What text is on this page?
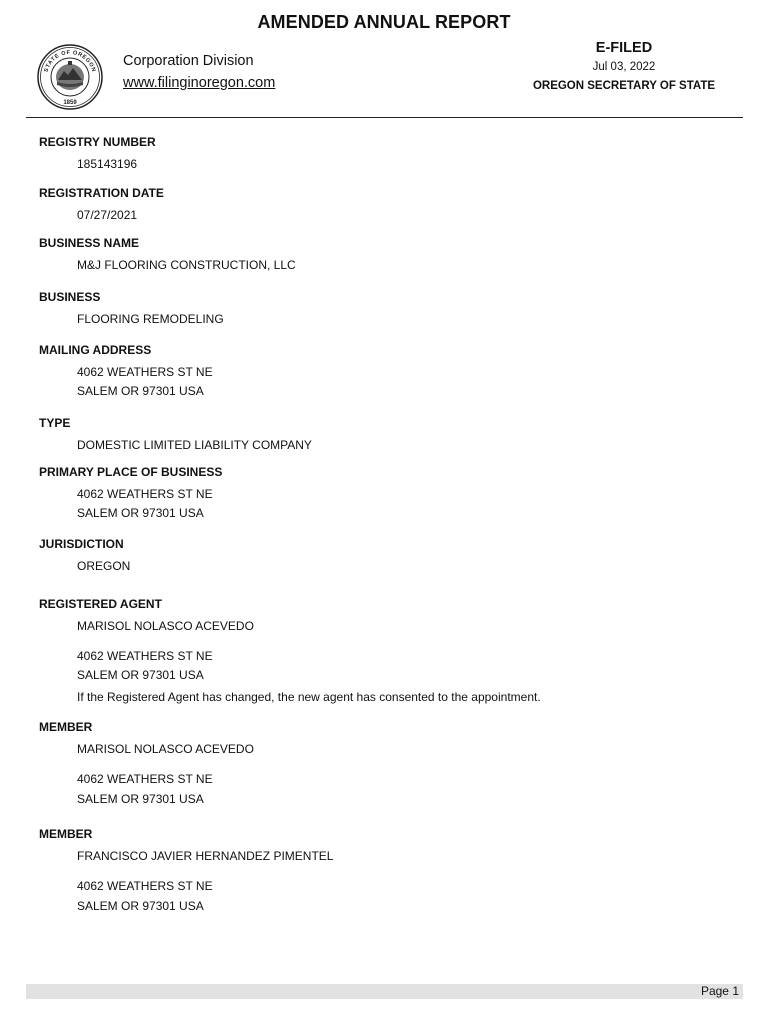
AMENDED ANNUAL REPORT
STATE OF OREGON
1859
Corporation Division
www.filinginoregon.com
E-FILED
Jul 03, 2022
OREGON SECRETARY OF STATE
REGISTRY NUMBER
185143196
REGISTRATION DATE
07/27/2021
BUSINESS NAME
M&J FLOORING CONSTRUCTION, LLC
BUSINESS
FLOORING REMODELING
MAILING ADDRESS
4062 WEATHERS ST NE
SALEM OR 97301 USA
TYPE
DOMESTIC LIMITED LIABILITY COMPANY
PRIMARY PLACE OF BUSINESS
4062 WEATHERS ST NE
SALEM OR 97301 USA
JURISDICTION
OREGON
REGISTERED AGENT
MARISOL NOLASCO ACEVEDO
4062 WEATHERS ST NE
SALEM OR 97301 USA
If the Registered Agent has changed, the new agent has consented to the appointment.
MEMBER
MARISOL NOLASCO ACEVEDO
4062 WEATHERS ST NE
SALEM OR 97301 USA
MEMBER
FRANCISCO JAVIER HERNANDEZ PIMENTEL
4062 WEATHERS ST NE
SALEM OR 97301 USA
Page 1
